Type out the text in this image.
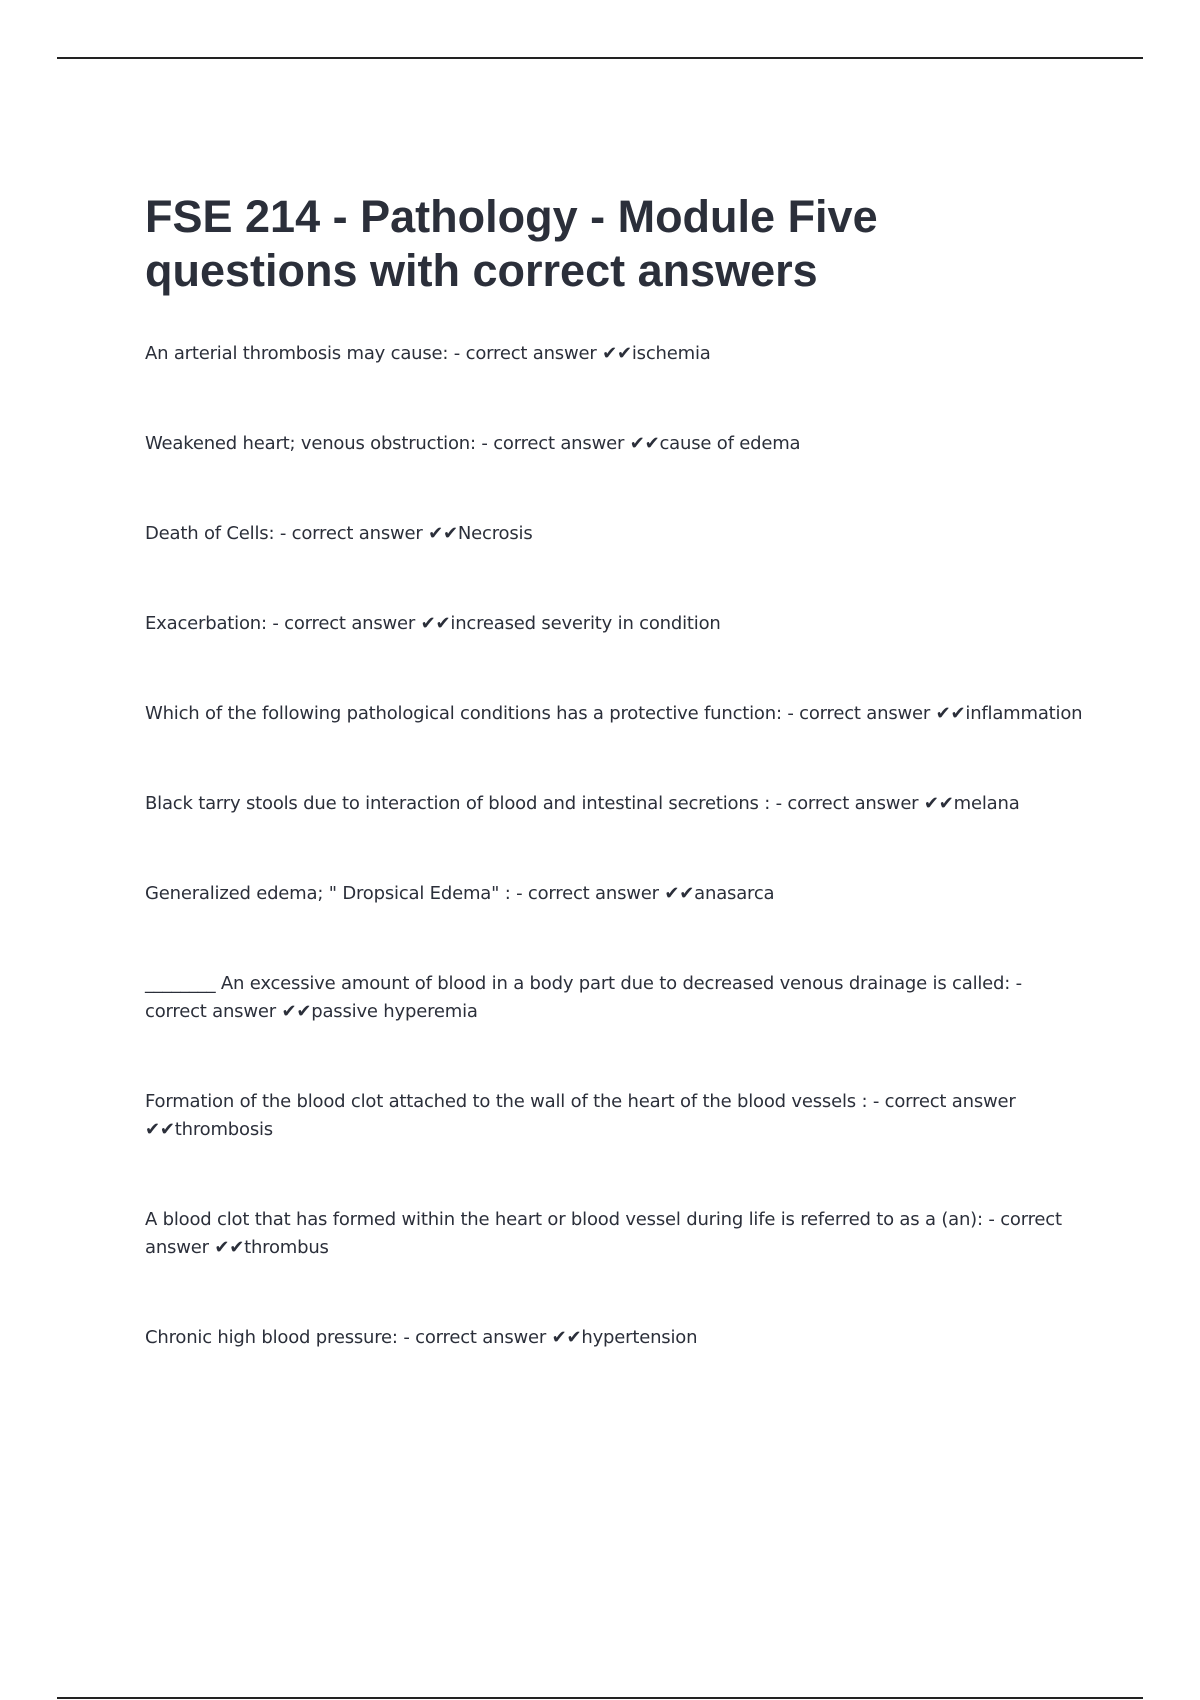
FSE 214 - Pathology - Module Five questions with correct answers
An arterial thrombosis may cause: - correct answer ✔✔ischemia
Weakened heart; venous obstruction: - correct answer ✔✔cause of edema
Death of Cells: - correct answer ✔✔Necrosis
Exacerbation: - correct answer ✔✔increased severity in condition
Which of the following pathological conditions has a protective function: - correct answer ✔✔inflammation
Black tarry stools due to interaction of blood and intestinal secretions : - correct answer ✔✔melana
Generalized edema; " Dropsical Edema" : - correct answer ✔✔anasarca
________ An excessive amount of blood in a body part due to decreased venous drainage is called: - correct answer ✔✔passive hyperemia
Formation of the blood clot attached to the wall of the heart of the blood vessels : - correct answer ✔✔thrombosis
A blood clot that has formed within the heart or blood vessel during life is referred to as a (an): - correct answer ✔✔thrombus
Chronic high blood pressure: - correct answer ✔✔hypertension
